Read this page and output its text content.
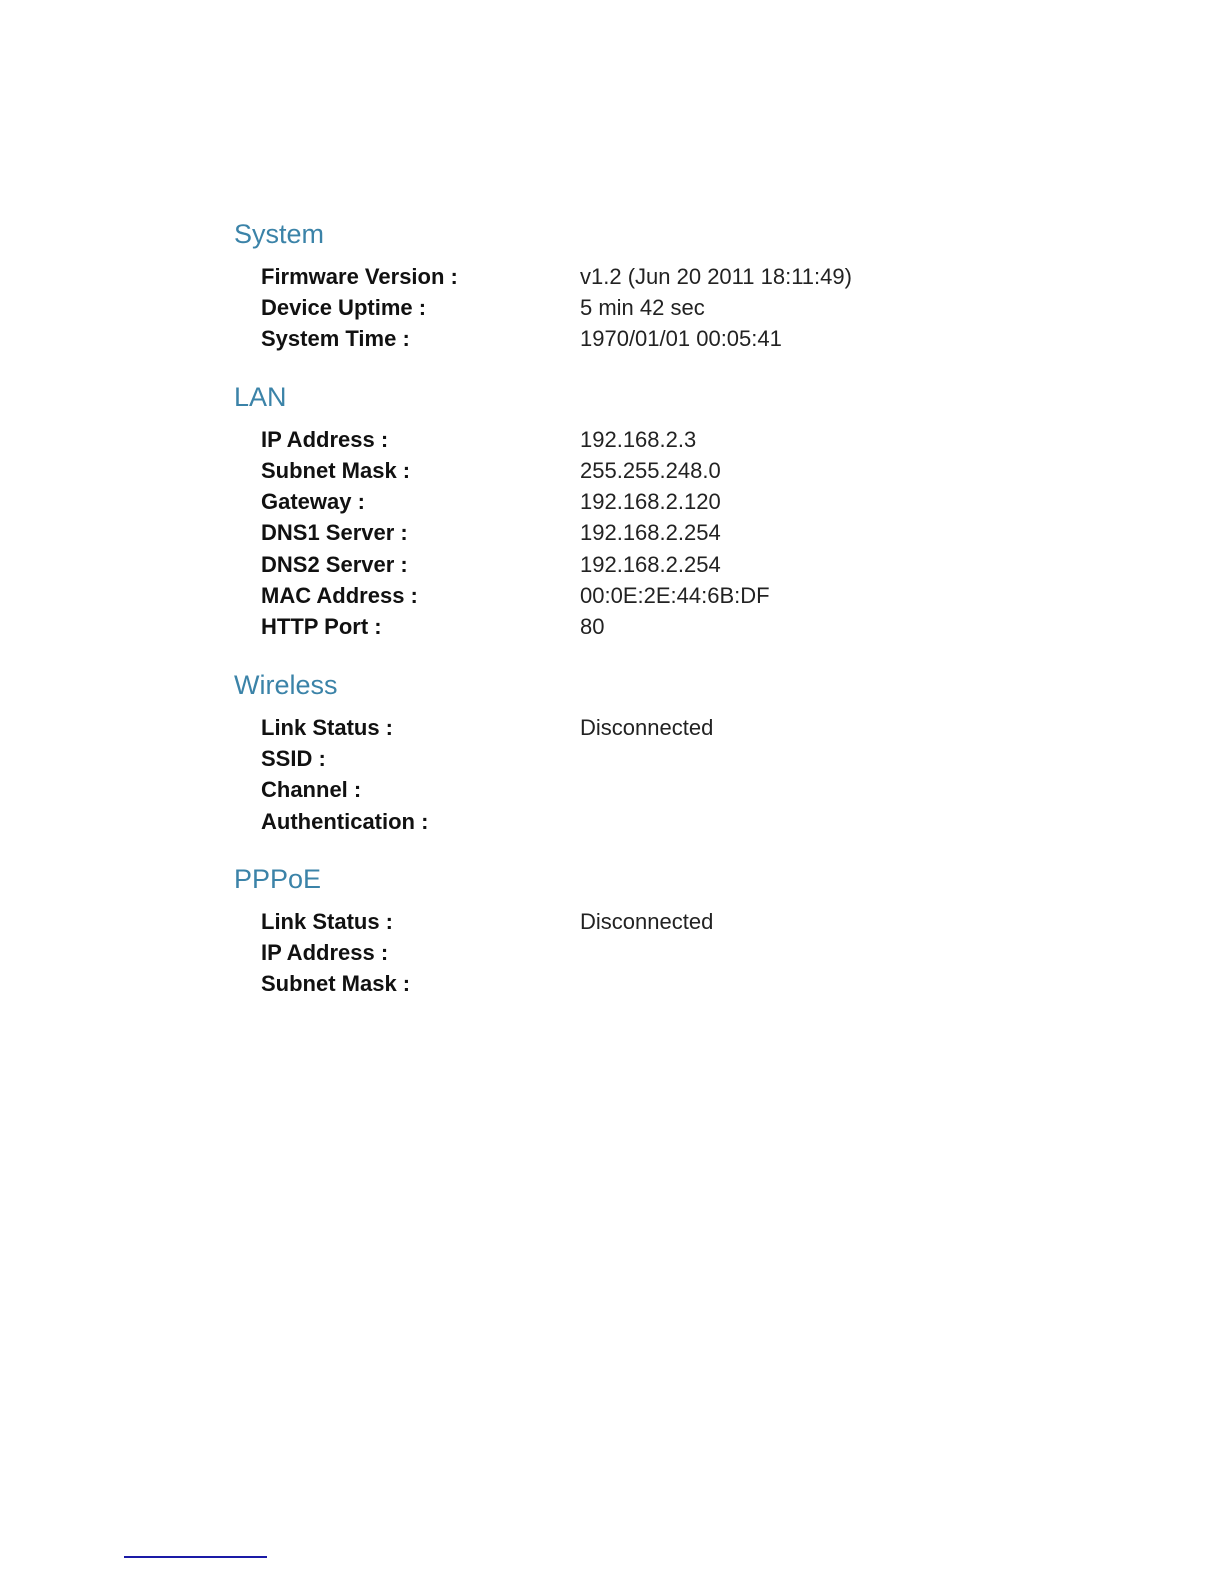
System
Firmware Version :	v1.2 (Jun 20 2011 18:11:49)
Device Uptime :	5 min 42 sec
System Time :	1970/01/01 00:05:41
LAN
IP Address :	192.168.2.3
Subnet Mask :	255.255.248.0
Gateway :	192.168.2.120
DNS1 Server :	192.168.2.254
DNS2 Server :	192.168.2.254
MAC Address :	00:0E:2E:44:6B:DF
HTTP Port :	80
Wireless
Link Status :	Disconnected
SSID :
Channel :
Authentication :
PPPoE
Link Status :	Disconnected
IP Address :
Subnet Mask :
